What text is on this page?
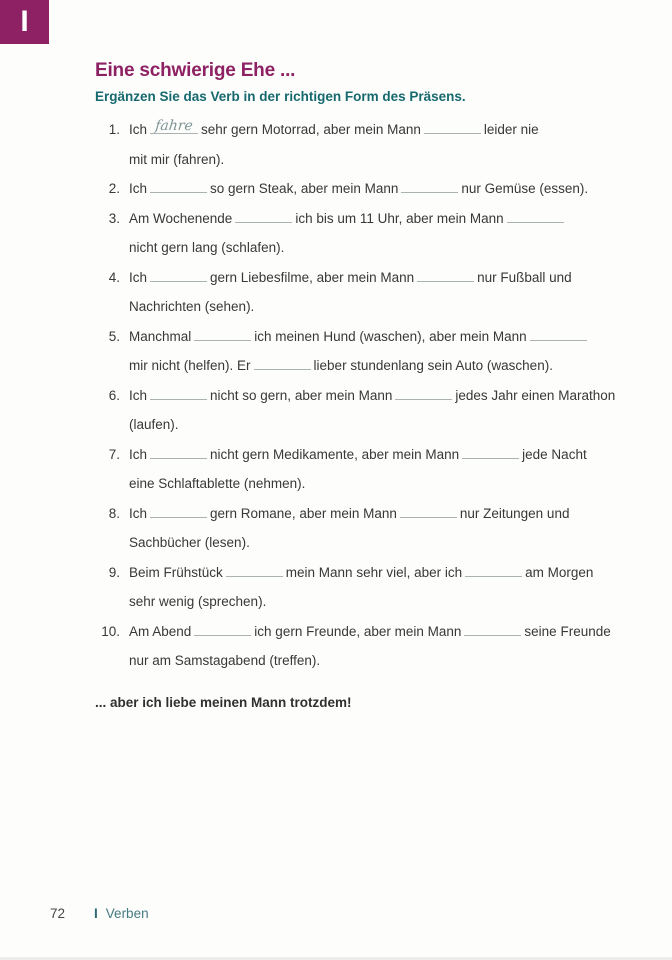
I
Eine schwierige Ehe ...
Ergänzen Sie das Verb in der richtigen Form des Präsens.
1. Ich fahre sehr gern Motorrad, aber mein Mann	leider nie
mit mir (fahren).
2. Ich	so gern Steak, aber mein Mann	nur Gemüse (essen).
3. Am Wochenende	ich bis um 11 Uhr, aber mein Mann
nicht gern lang (schlafen).
4. Ich	gern Liebesfilme, aber mein Mann	nur Fußball und
Nachrichten (sehen).
5. Manchmal	ich meinen Hund (waschen), aber mein Mann
mir nicht (helfen). Er	lieber stundenlang sein Auto (waschen).
6. Ich	nicht so gern, aber mein Mann	jedes Jahr einen Marathon
(laufen).
7. Ich	nicht gern Medikamente, aber mein Mann	jede Nacht
eine Schlaftablette (nehmen).
8. Ich	gern Romane, aber mein Mann	nur Zeitungen und
Sachbücher (lesen).
9. Beim Frühstück	mein Mann sehr viel, aber ich	am Morgen
sehr wenig (sprechen).
10. Am Abend	ich gern Freunde, aber mein Mann	seine Freunde
nur am Samstagabend (treffen).
... aber ich liebe meinen Mann trotzdem!
72 I Verben
